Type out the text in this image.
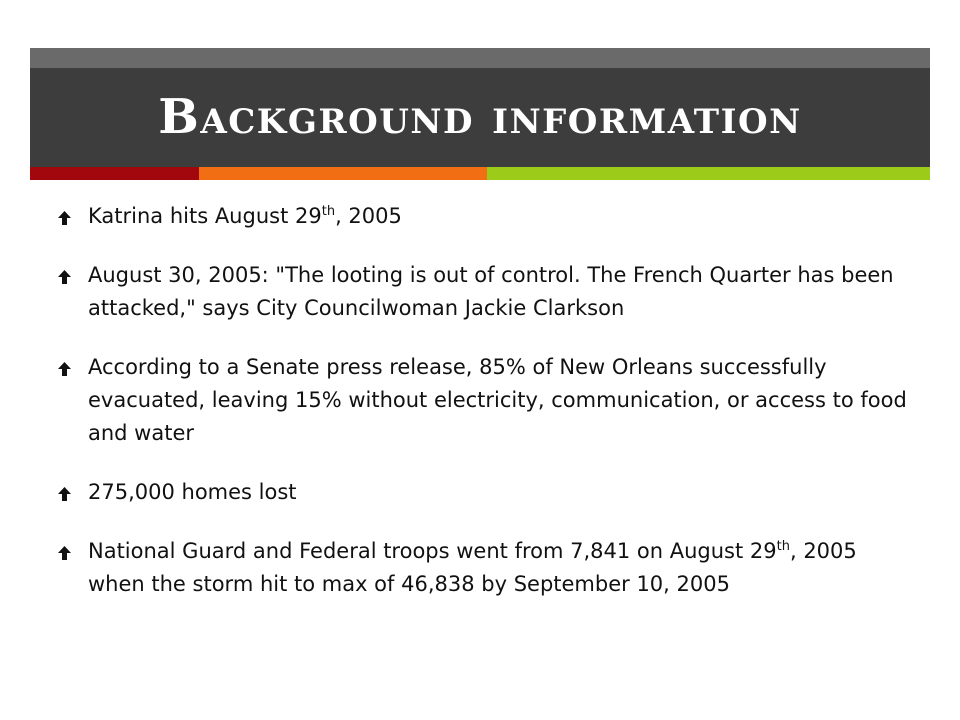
Background information
Katrina hits August 29th, 2005
August 30, 2005: "The looting is out of control. The French Quarter has been attacked," says City Councilwoman Jackie Clarkson
According to a Senate press release, 85% of New Orleans successfully evacuated, leaving 15% without electricity, communication, or access to food and water
275,000 homes lost
National Guard and Federal troops went from 7,841 on August 29th, 2005 when the storm hit to max of 46,838 by September 10, 2005
